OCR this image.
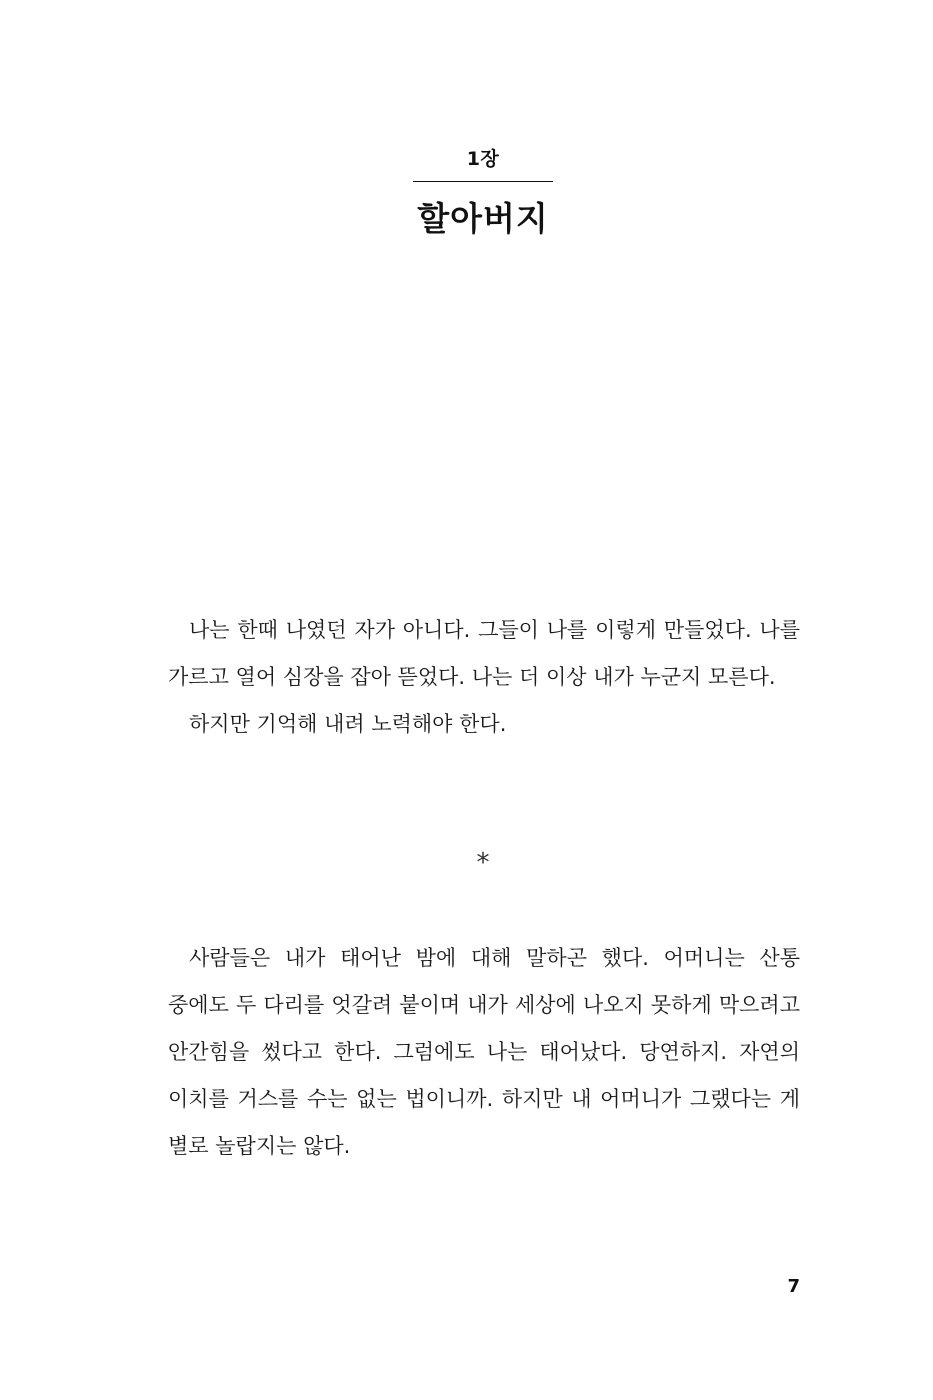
1장
할아버지

나는 한때 나였던 자가 아니다. 그들이 나를 이렇게 만들었다. 나를 가르고 열어 심장을 잡아 뜯었다. 나는 더 이상 내가 누군지 모른다.

하지만 기억해 내려 노력해야 한다.

*

사람들은 내가 태어난 밤에 대해 말하곤 했다. 어머니는 산통 중에도 두 다리를 엇갈려 붙이며 내가 세상에 나오지 못하게 막으려고 안간힘을 썼다고 한다. 그럼에도 나는 태어났다. 당연하지. 자연의 이치를 거스를 수는 없는 법이니까. 하지만 내 어머니가 그랬다는 게 별로 놀랍지는 않다.

7
